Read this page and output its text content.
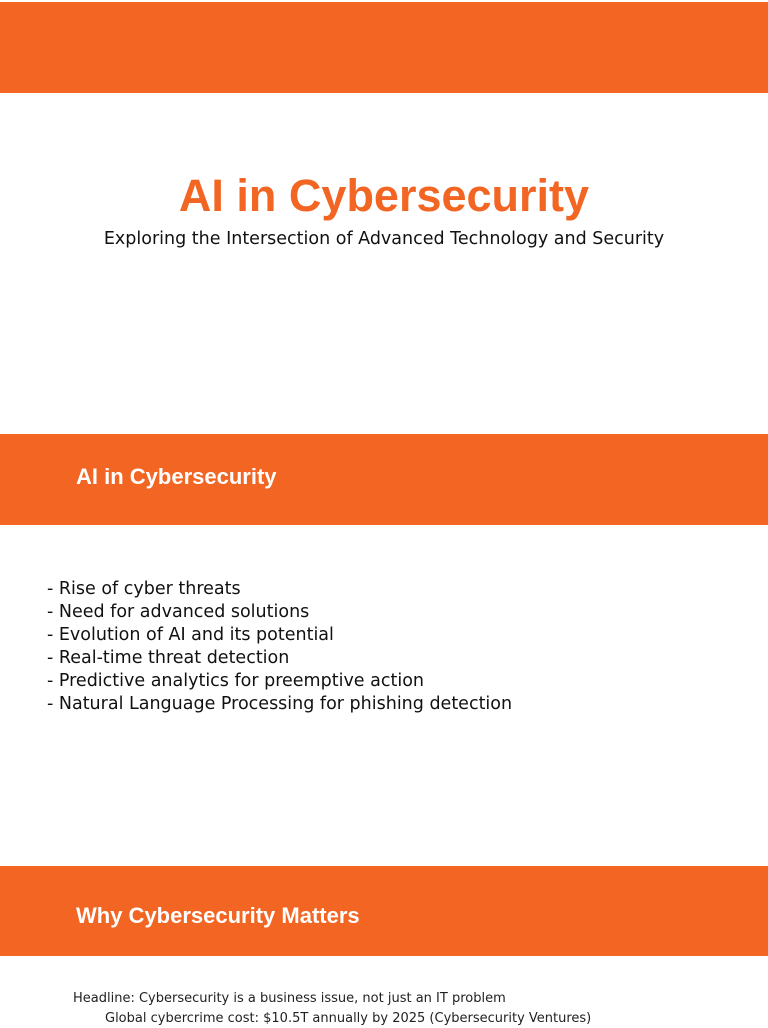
AI in Cybersecurity

Exploring the Intersection of Advanced Technology and Security

AI in Cybersecurity
- Rise of cyber threats
- Need for advanced solutions
- Evolution of AI and its potential
- Real-time threat detection
- Predictive analytics for preemptive action
- Natural Language Processing for phishing detection
Why Cybersecurity Matters

Headline: Cybersecurity is a business issue, not just an IT problem

Global cybercrime cost: $10.5T annually by 2025 (Cybersecurity Ventures)
